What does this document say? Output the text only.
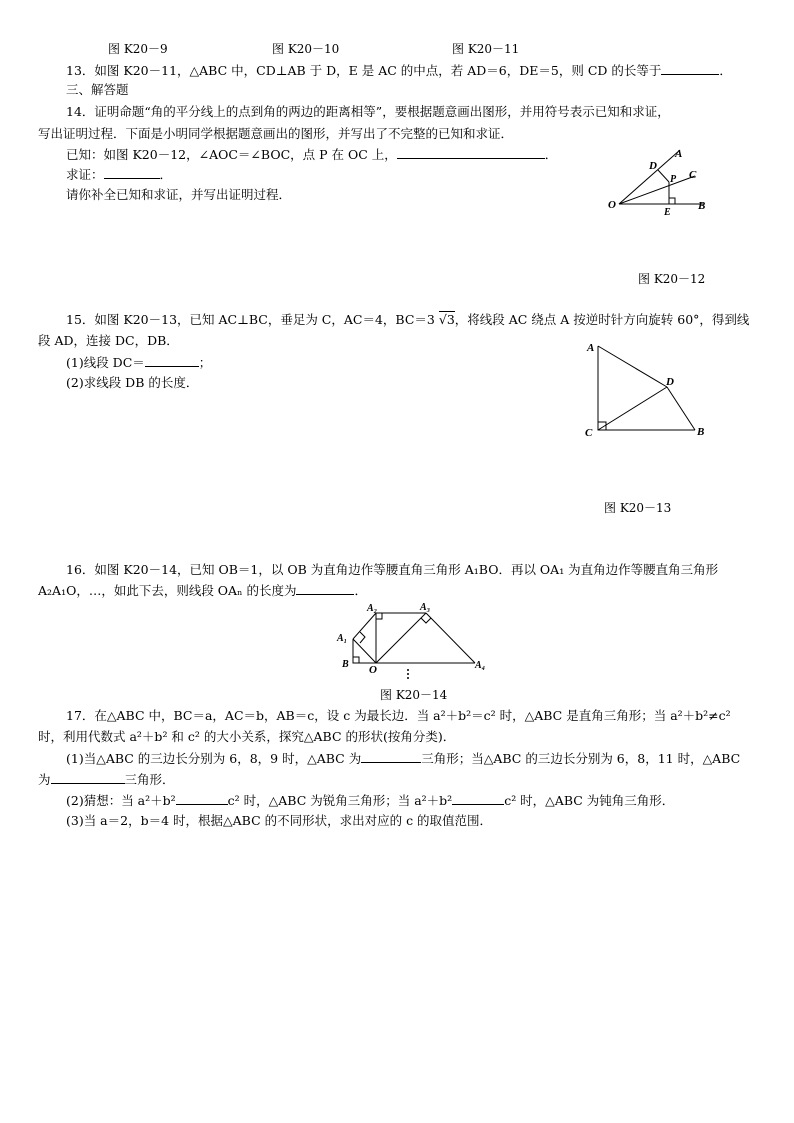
图 K20－9	图 K20－10	图 K20－11
13．如图 K20－11，△ABC 中，CD⊥AB 于 D，E 是 AC 的中点，若 AD＝6，DE＝5，则 CD 的长等于	．
三、解答题
14．证明命题“角的平分线上的点到角的两边的距离相等”，要根据题意画出图形，并用符号表示已知和求证，
写出证明过程．下面是小明同学根据题意画出的图形，并写出了不完整的已知和求证．
已知：如图 K20－12，∠AOC＝∠BOC，点 P 在 OC 上，	．
求证：	．
请你补全已知和求证，并写出证明过程．
O
A
B
C
D
E
P
图 K20－12
15．如图 K20－13，已知 AC⊥BC，垂足为 C，AC＝4，BC＝3 √3，将线段 AC 绕点 A 按逆时针方向旋转 60°，得到线
段 AD，连接 DC，DB．
(1)线段 DC＝	；
(2)求线段 DB 的长度．
A
C	B
D
图 K20－13
16．如图 K20－14，已知 OB＝1，以 OB 为直角边作等腰直角三角形 A₁BO．再以 OA₁ 为直角边作等腰直角三角形
A₂A₁O，…，如此下去，则线段 OAₙ 的长度为	．
A₁
B O
A₂	A₃
A₄
图 K20－14
17．在△ABC 中，BC＝a，AC＝b，AB＝c，设 c 为最长边．当 a²＋b²＝c² 时，△ABC 是直角三角形；当 a²＋b²≠c²
时，利用代数式 a²＋b² 和 c² 的大小关系，探究△ABC 的形状(按角分类)．
(1)当△ABC 的三边长分别为 6，8，9 时，△ABC 为	三角形；当△ABC 的三边长分别为 6，8，11 时，△ABC
为	三角形．
(2)猜想：当 a²＋b²	c² 时，△ABC 为锐角三角形；当 a²＋b²	c² 时，△ABC 为钝角三角形．
(3)当 a＝2，b＝4 时，根据△ABC 的不同形状，求出对应的 c 的取值范围．
